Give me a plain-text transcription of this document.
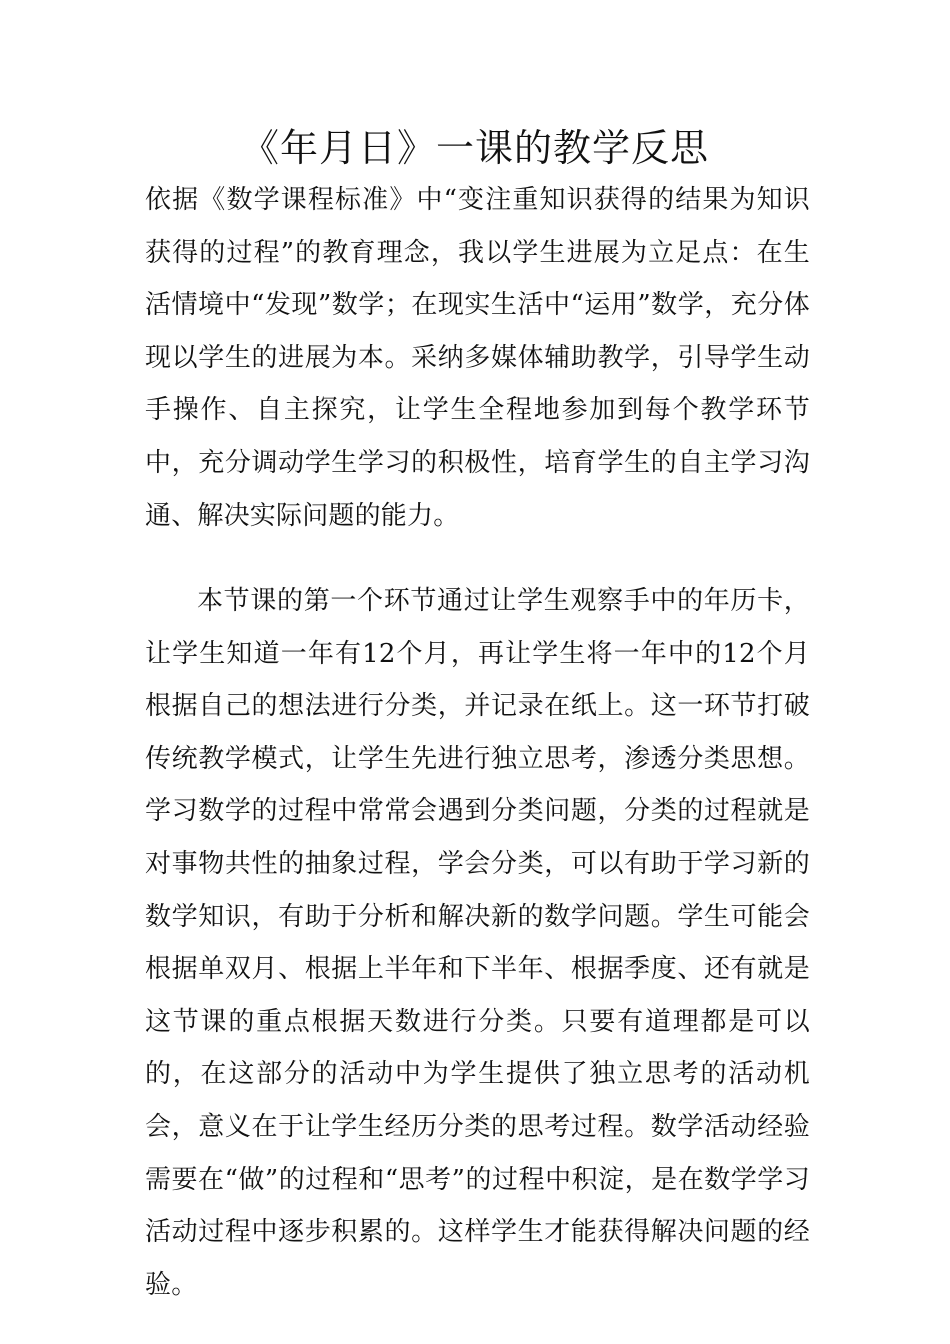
《年月日》一课的教学反思

依据《数学课程标准》中“变注重知识获得的结果为知识获得的过程”的教育理念，我以学生进展为立足点：在生活情境中“发现”数学；在现实生活中“运用”数学，充分体现以学生的进展为本。采纳多媒体辅助教学，引导学生动手操作、自主探究，让学生全程地参加到每个教学环节中，充分调动学生学习的积极性，培育学生的自主学习沟通、解决实际问题的能力。

本节课的第一个环节通过让学生观察手中的年历卡，让学生知道一年有12个月，再让学生将一年中的12个月根据自己的想法进行分类，并记录在纸上。这一环节打破传统教学模式，让学生先进行独立思考，渗透分类思想。学习数学的过程中常常会遇到分类问题，分类的过程就是对事物共性的抽象过程，学会分类，可以有助于学习新的数学知识，有助于分析和解决新的数学问题。学生可能会根据单双月、根据上半年和下半年、根据季度、还有就是这节课的重点根据天数进行分类。只要有道理都是可以的，在这部分的活动中为学生提供了独立思考的活动机会，意义在于让学生经历分类的思考过程。数学活动经验需要在“做”的过程和“思考”的过程中积淀，是在数学学习活动过程中逐步积累的。这样学生才能获得解决问题的经验。
